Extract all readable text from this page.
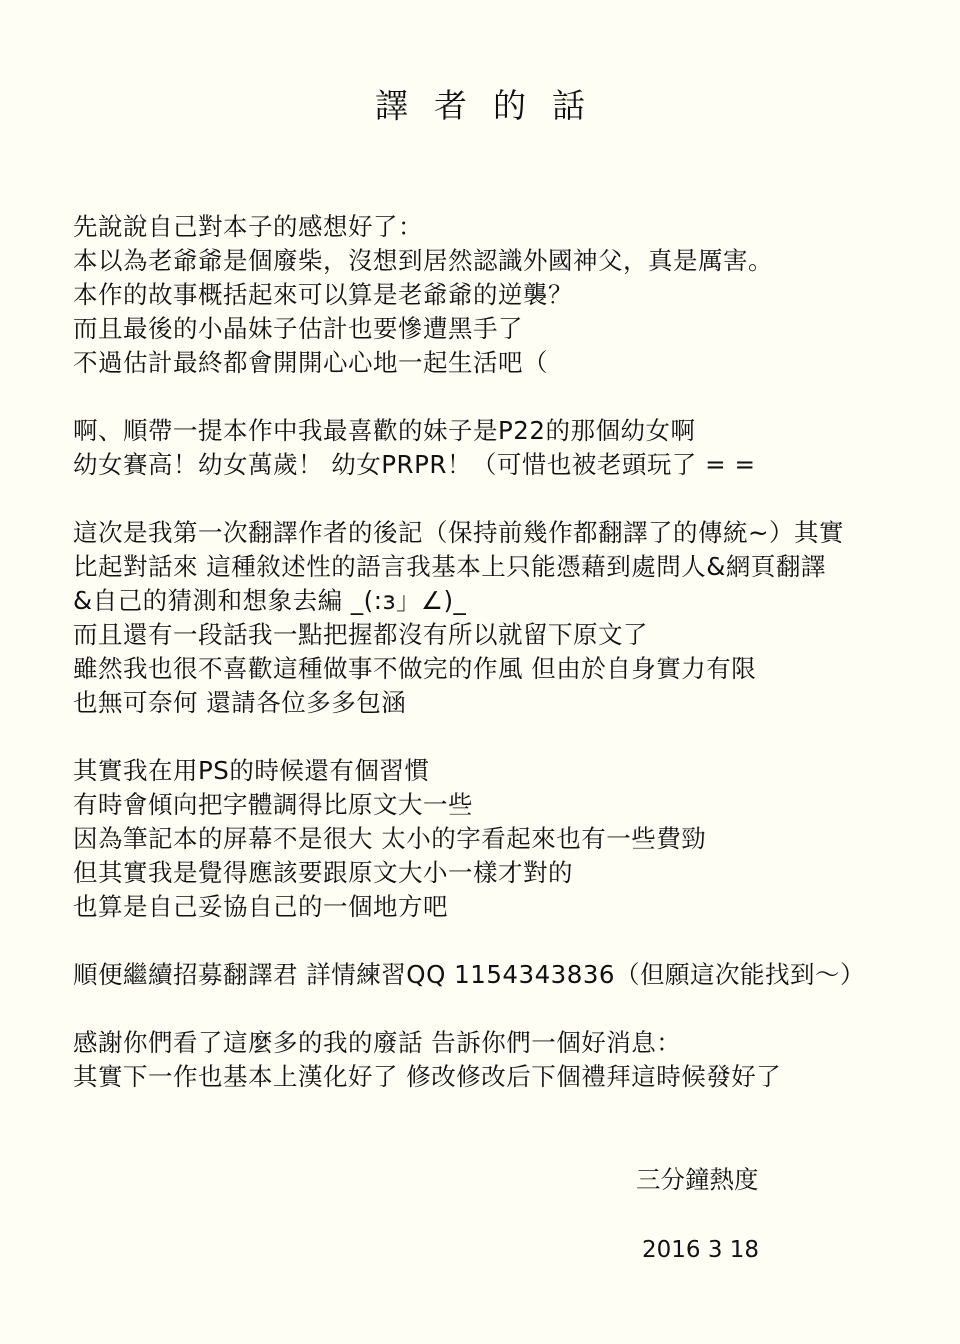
譯者的話
先說說自己對本子的感想好了：
本以為老爺爺是個廢柴，沒想到居然認識外國神父，真是厲害。
本作的故事概括起來可以算是老爺爺的逆襲？
而且最後的小晶妹子估計也要慘遭黑手了
不過估計最終都會開開心心地一起生活吧（
啊、順帶一提本作中我最喜歡的妹子是P22的那個幼女啊
幼女賽高！幼女萬歲！ 幼女PRPR！（可惜也被老頭玩了 = =
這次是我第一次翻譯作者的後記（保持前幾作都翻譯了的傳統~）其實
比起對話來 這種敘述性的語言我基本上只能憑藉到處問人&網頁翻譯
&自己的猜測和想象去編 _(:з」∠)_
而且還有一段話我一點把握都沒有所以就留下原文了
雖然我也很不喜歡這種做事不做完的作風 但由於自身實力有限
也無可奈何 還請各位多多包涵
其實我在用PS的時候還有個習慣
有時會傾向把字體調得比原文大一些
因為筆記本的屏幕不是很大 太小的字看起來也有一些費勁
但其實我是覺得應該要跟原文大小一樣才對的
也算是自己妥協自己的一個地方吧
順便繼續招募翻譯君 詳情練習QQ 1154343836（但願這次能找到～）
感謝你們看了這麼多的我的廢話 告訴你們一個好消息：
其實下一作也基本上漢化好了 修改修改后下個禮拜這時候發好了
三分鐘熱度
2016 3 18
